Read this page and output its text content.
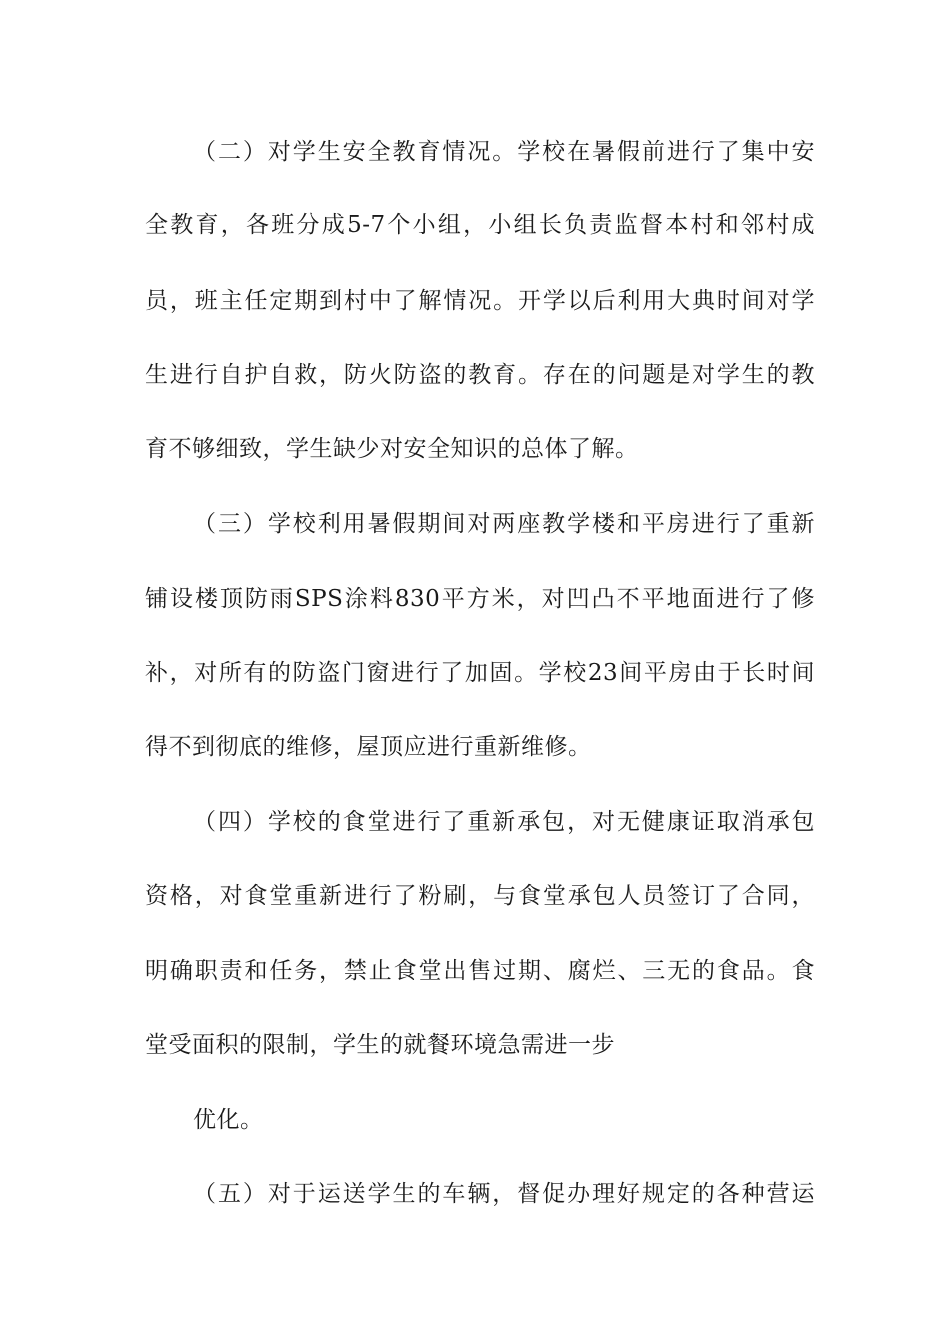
（二）对学生安全教育情况。学校在暑假前进行了集中安
全教育，各班分成5-7个小组，小组长负责监督本村和邻村成
员，班主任定期到村中了解情况。开学以后利用大典时间对学
生进行自护自救，防火防盗的教育。存在的问题是对学生的教
育不够细致，学生缺少对安全知识的总体了解。
（三）学校利用暑假期间对两座教学楼和平房进行了重新
铺设楼顶防雨SPS涂料830平方米，对凹凸不平地面进行了修
补，对所有的防盗门窗进行了加固。学校23间平房由于长时间
得不到彻底的维修，屋顶应进行重新维修。
（四）学校的食堂进行了重新承包，对无健康证取消承包
资格，对食堂重新进行了粉刷，与食堂承包人员签订了合同，
明确职责和任务，禁止食堂出售过期、腐烂、三无的食品。食
堂受面积的限制，学生的就餐环境急需进一步
优化。
（五）对于运送学生的车辆，督促办理好规定的各种营运
